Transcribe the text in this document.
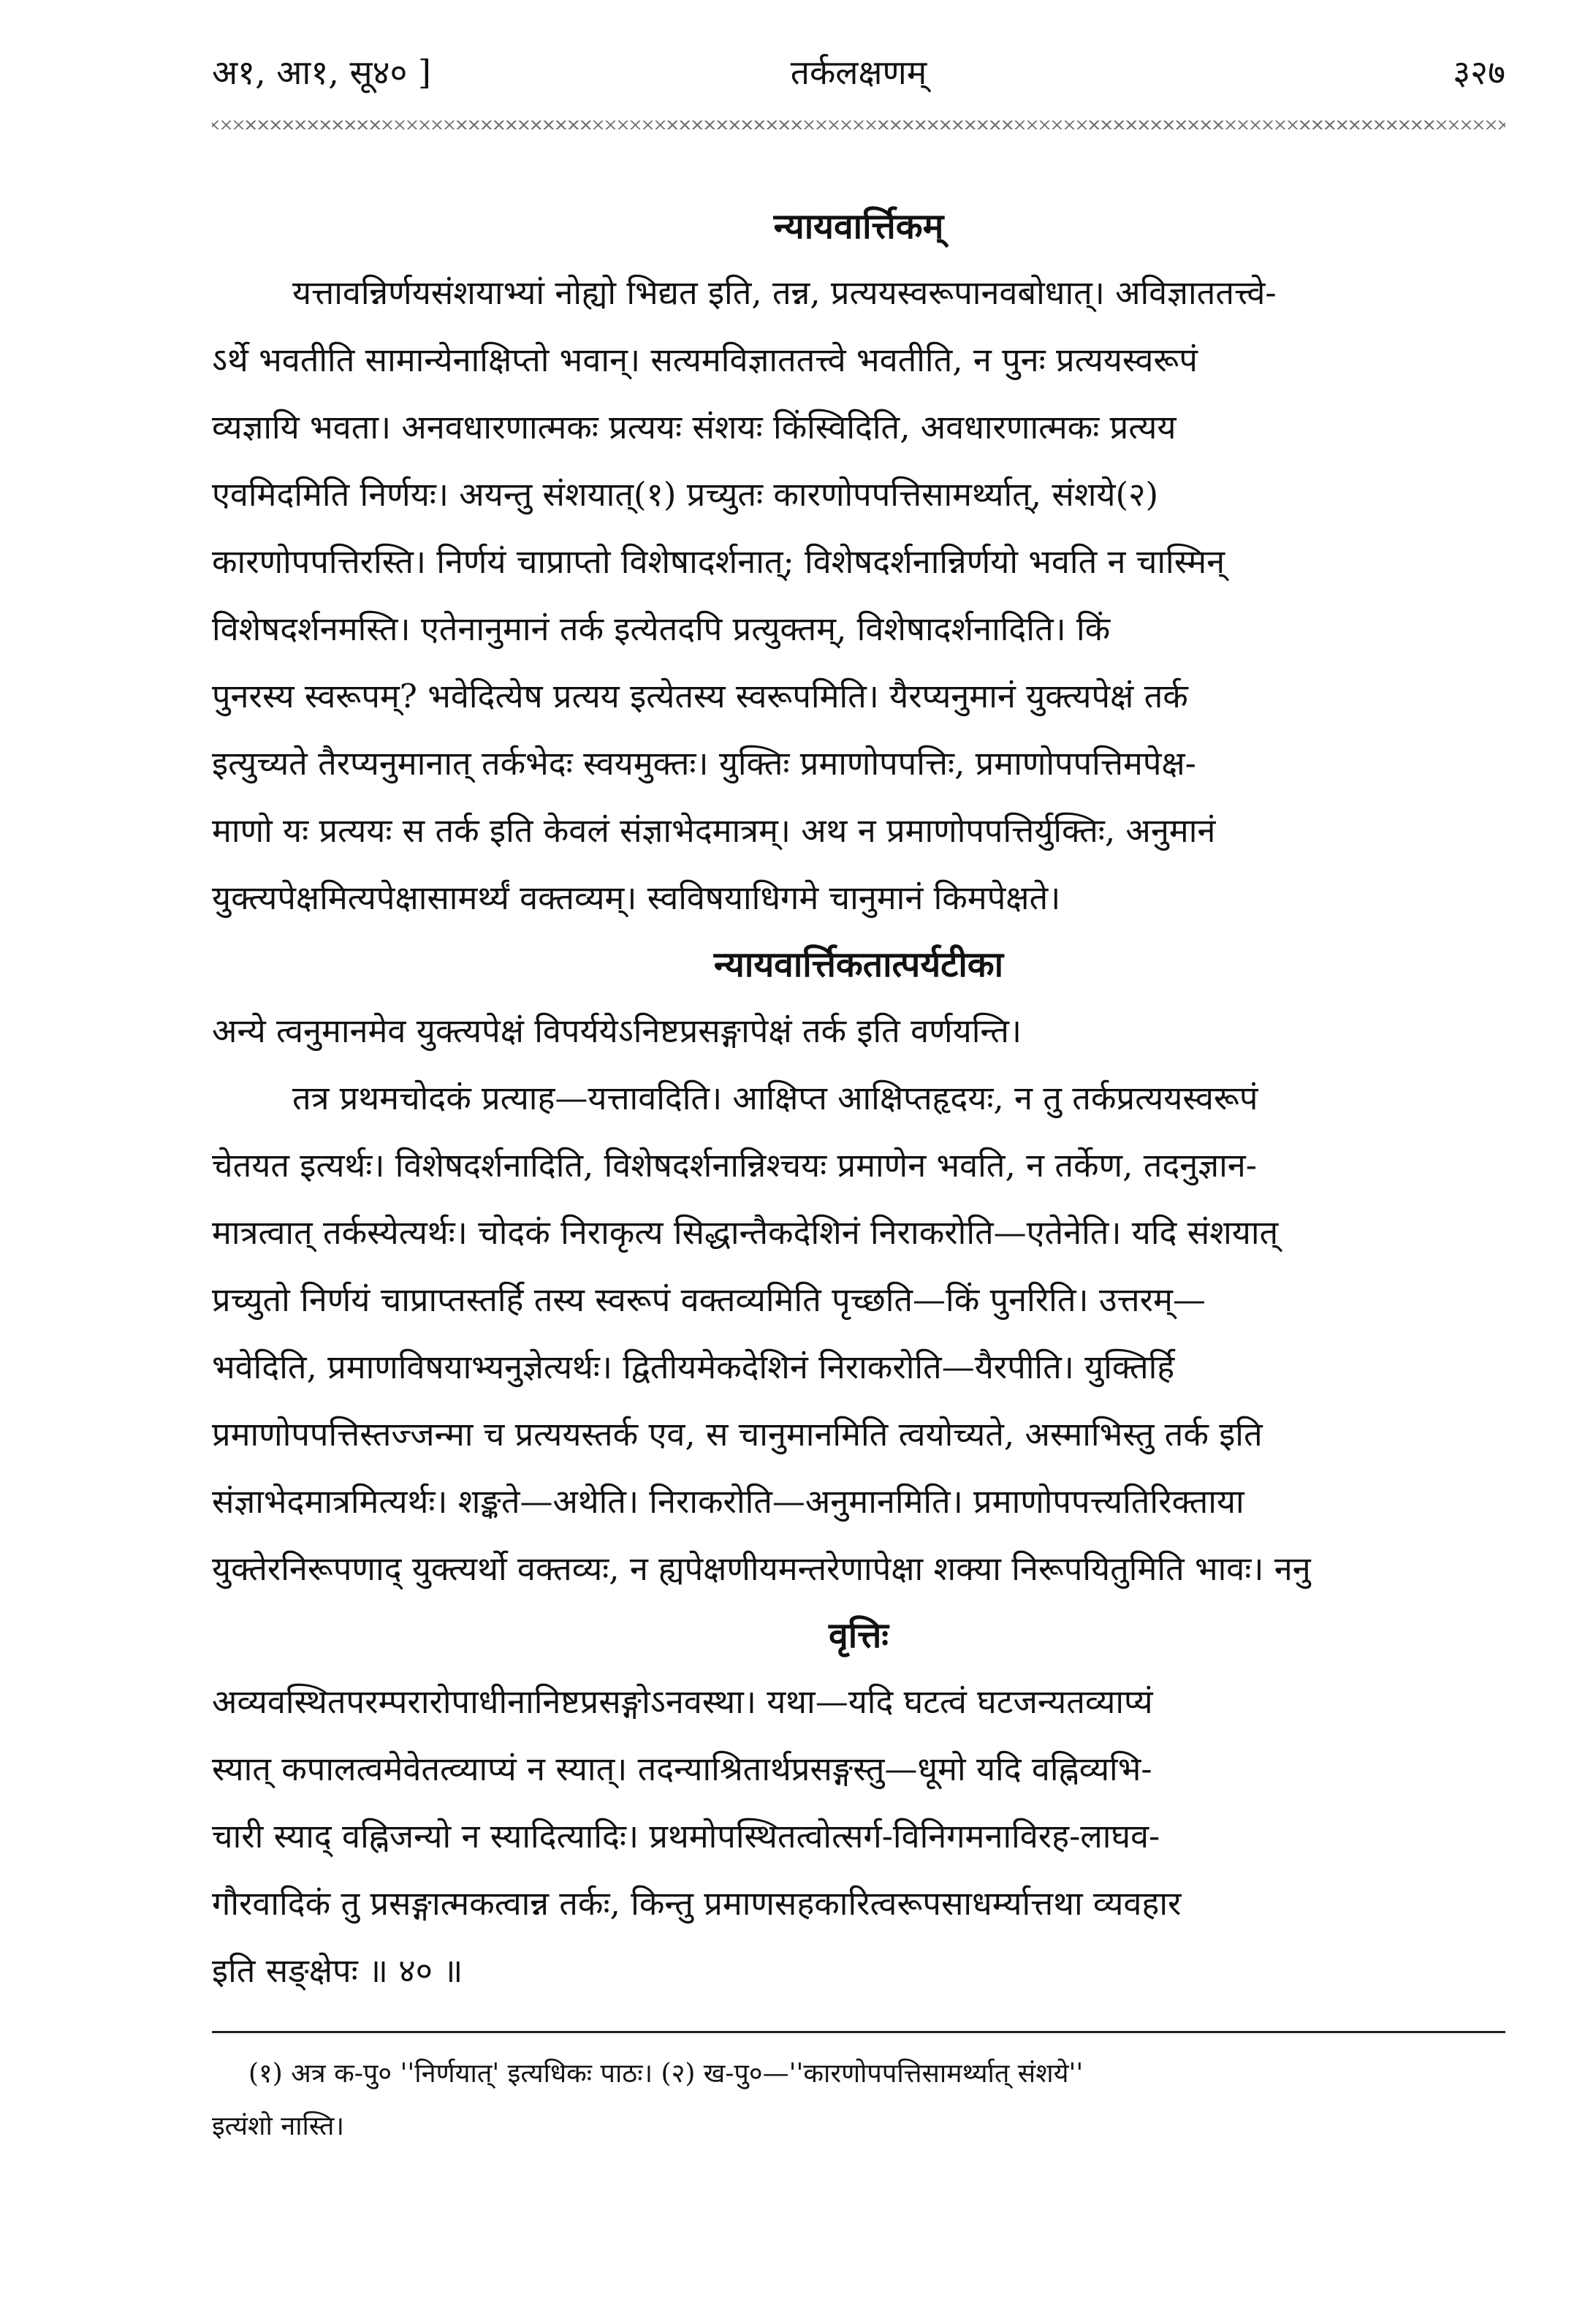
अ१, आ१, सू४० ]	तर्कलक्षणम्	३२७
न्यायवार्त्तिकम्
यत्तावन्निर्णयसंशयाभ्यां नोह्यो भिद्यत इति, तन्न, प्रत्ययस्वरूपानवबोधात्। अविज्ञाततत्त्वे-
ऽर्थे भवतीति सामान्येनाक्षिप्तो भवान्। सत्यमविज्ञाततत्त्वे भवतीति, न पुनः प्रत्ययस्वरूपं
व्यज्ञायि भवता। अनवधारणात्मकः प्रत्ययः संशयः किंस्विदिति, अवधारणात्मकः प्रत्यय
एवमिदमिति निर्णयः। अयन्तु संशयात्(१) प्रच्युतः कारणोपपत्तिसामर्थ्यात्, संशये(२)
कारणोपपत्तिरस्ति। निर्णयं चाप्राप्तो विशेषादर्शनात्; विशेषदर्शनान्निर्णयो भवति न चास्मिन्
विशेषदर्शनमस्ति। एतेनानुमानं तर्क इत्येतदपि प्रत्युक्तम्, विशेषादर्शनादिति। किं
पुनरस्य स्वरूपम्? भवेदित्येष प्रत्यय इत्येतस्य स्वरूपमिति। यैरप्यनुमानं युक्त्यपेक्षं तर्क
इत्युच्यते तैरप्यनुमानात् तर्कभेदः स्वयमुक्तः। युक्तिः प्रमाणोपपत्तिः, प्रमाणोपपत्तिमपेक्ष-
माणो यः प्रत्ययः स तर्क इति केवलं संज्ञाभेदमात्रम्। अथ न प्रमाणोपपत्तिर्युक्तिः, अनुमानं
युक्त्यपेक्षमित्यपेक्षासामर्थ्यं वक्तव्यम्। स्वविषयाधिगमे चानुमानं किमपेक्षते।
न्यायवार्त्तिकतात्पर्यटीका
अन्ये त्वनुमानमेव युक्त्यपेक्षं विपर्ययेऽनिष्टप्रसङ्गापेक्षं तर्क इति वर्णयन्ति।
तत्र प्रथमचोदकं प्रत्याह—यत्तावदिति। आक्षिप्त आक्षिप्तहृदयः, न तु तर्कप्रत्ययस्वरूपं
चेतयत इत्यर्थः। विशेषदर्शनादिति, विशेषदर्शनान्निश्चयः प्रमाणेन भवति, न तर्केण, तदनुज्ञान-
मात्रत्वात् तर्कस्येत्यर्थः। चोदकं निराकृत्य सिद्धान्तैकदेशिनं निराकरोति—एतेनेति। यदि संशयात्
प्रच्युतो निर्णयं चाप्राप्तस्तर्हि तस्य स्वरूपं वक्तव्यमिति पृच्छति—किं पुनरिति। उत्तरम्—
भवेदिति, प्रमाणविषयाभ्यनुज्ञेत्यर्थः। द्वितीयमेकदेशिनं निराकरोति—यैरपीति। युक्तिर्हि
प्रमाणोपपत्तिस्तज्जन्मा च प्रत्ययस्तर्क एव, स चानुमानमिति त्वयोच्यते, अस्माभिस्तु तर्क इति
संज्ञाभेदमात्रमित्यर्थः। शङ्कते—अथेति। निराकरोति—अनुमानमिति। प्रमाणोपपत्त्यतिरिक्ताया
युक्तेरनिरूपणाद् युक्त्यर्थो वक्तव्यः, न ह्यपेक्षणीयमन्तरेणापेक्षा शक्या निरूपयितुमिति भावः। ननु
वृत्तिः
अव्यवस्थितपरम्परारोपाधीनानिष्टप्रसङ्गोऽनवस्था। यथा—यदि घटत्वं घटजन्यतव्याप्यं
स्यात् कपालत्वमेवेतत्व्याप्यं न स्यात्। तदन्याश्रितार्थप्रसङ्गस्तु—धूमो यदि वह्निव्यभि-
चारी स्याद् वह्निजन्यो न स्यादित्यादिः। प्रथमोपस्थितत्वोत्सर्ग-विनिगमनाविरह-लाघव-
गौरवादिकं तु प्रसङ्गात्मकत्वान्न तर्कः, किन्तु प्रमाणसहकारित्वरूपसाधर्म्यात्तथा व्यवहार
इति सङ्क्षेपः ॥ ४० ॥
(१) अत्र क-पु० ''निर्णयात्' इत्यधिकः पाठः। (२) ख-पु०—''कारणोपपत्तिसामर्थ्यात् संशये''
इत्यंशो नास्ति।
